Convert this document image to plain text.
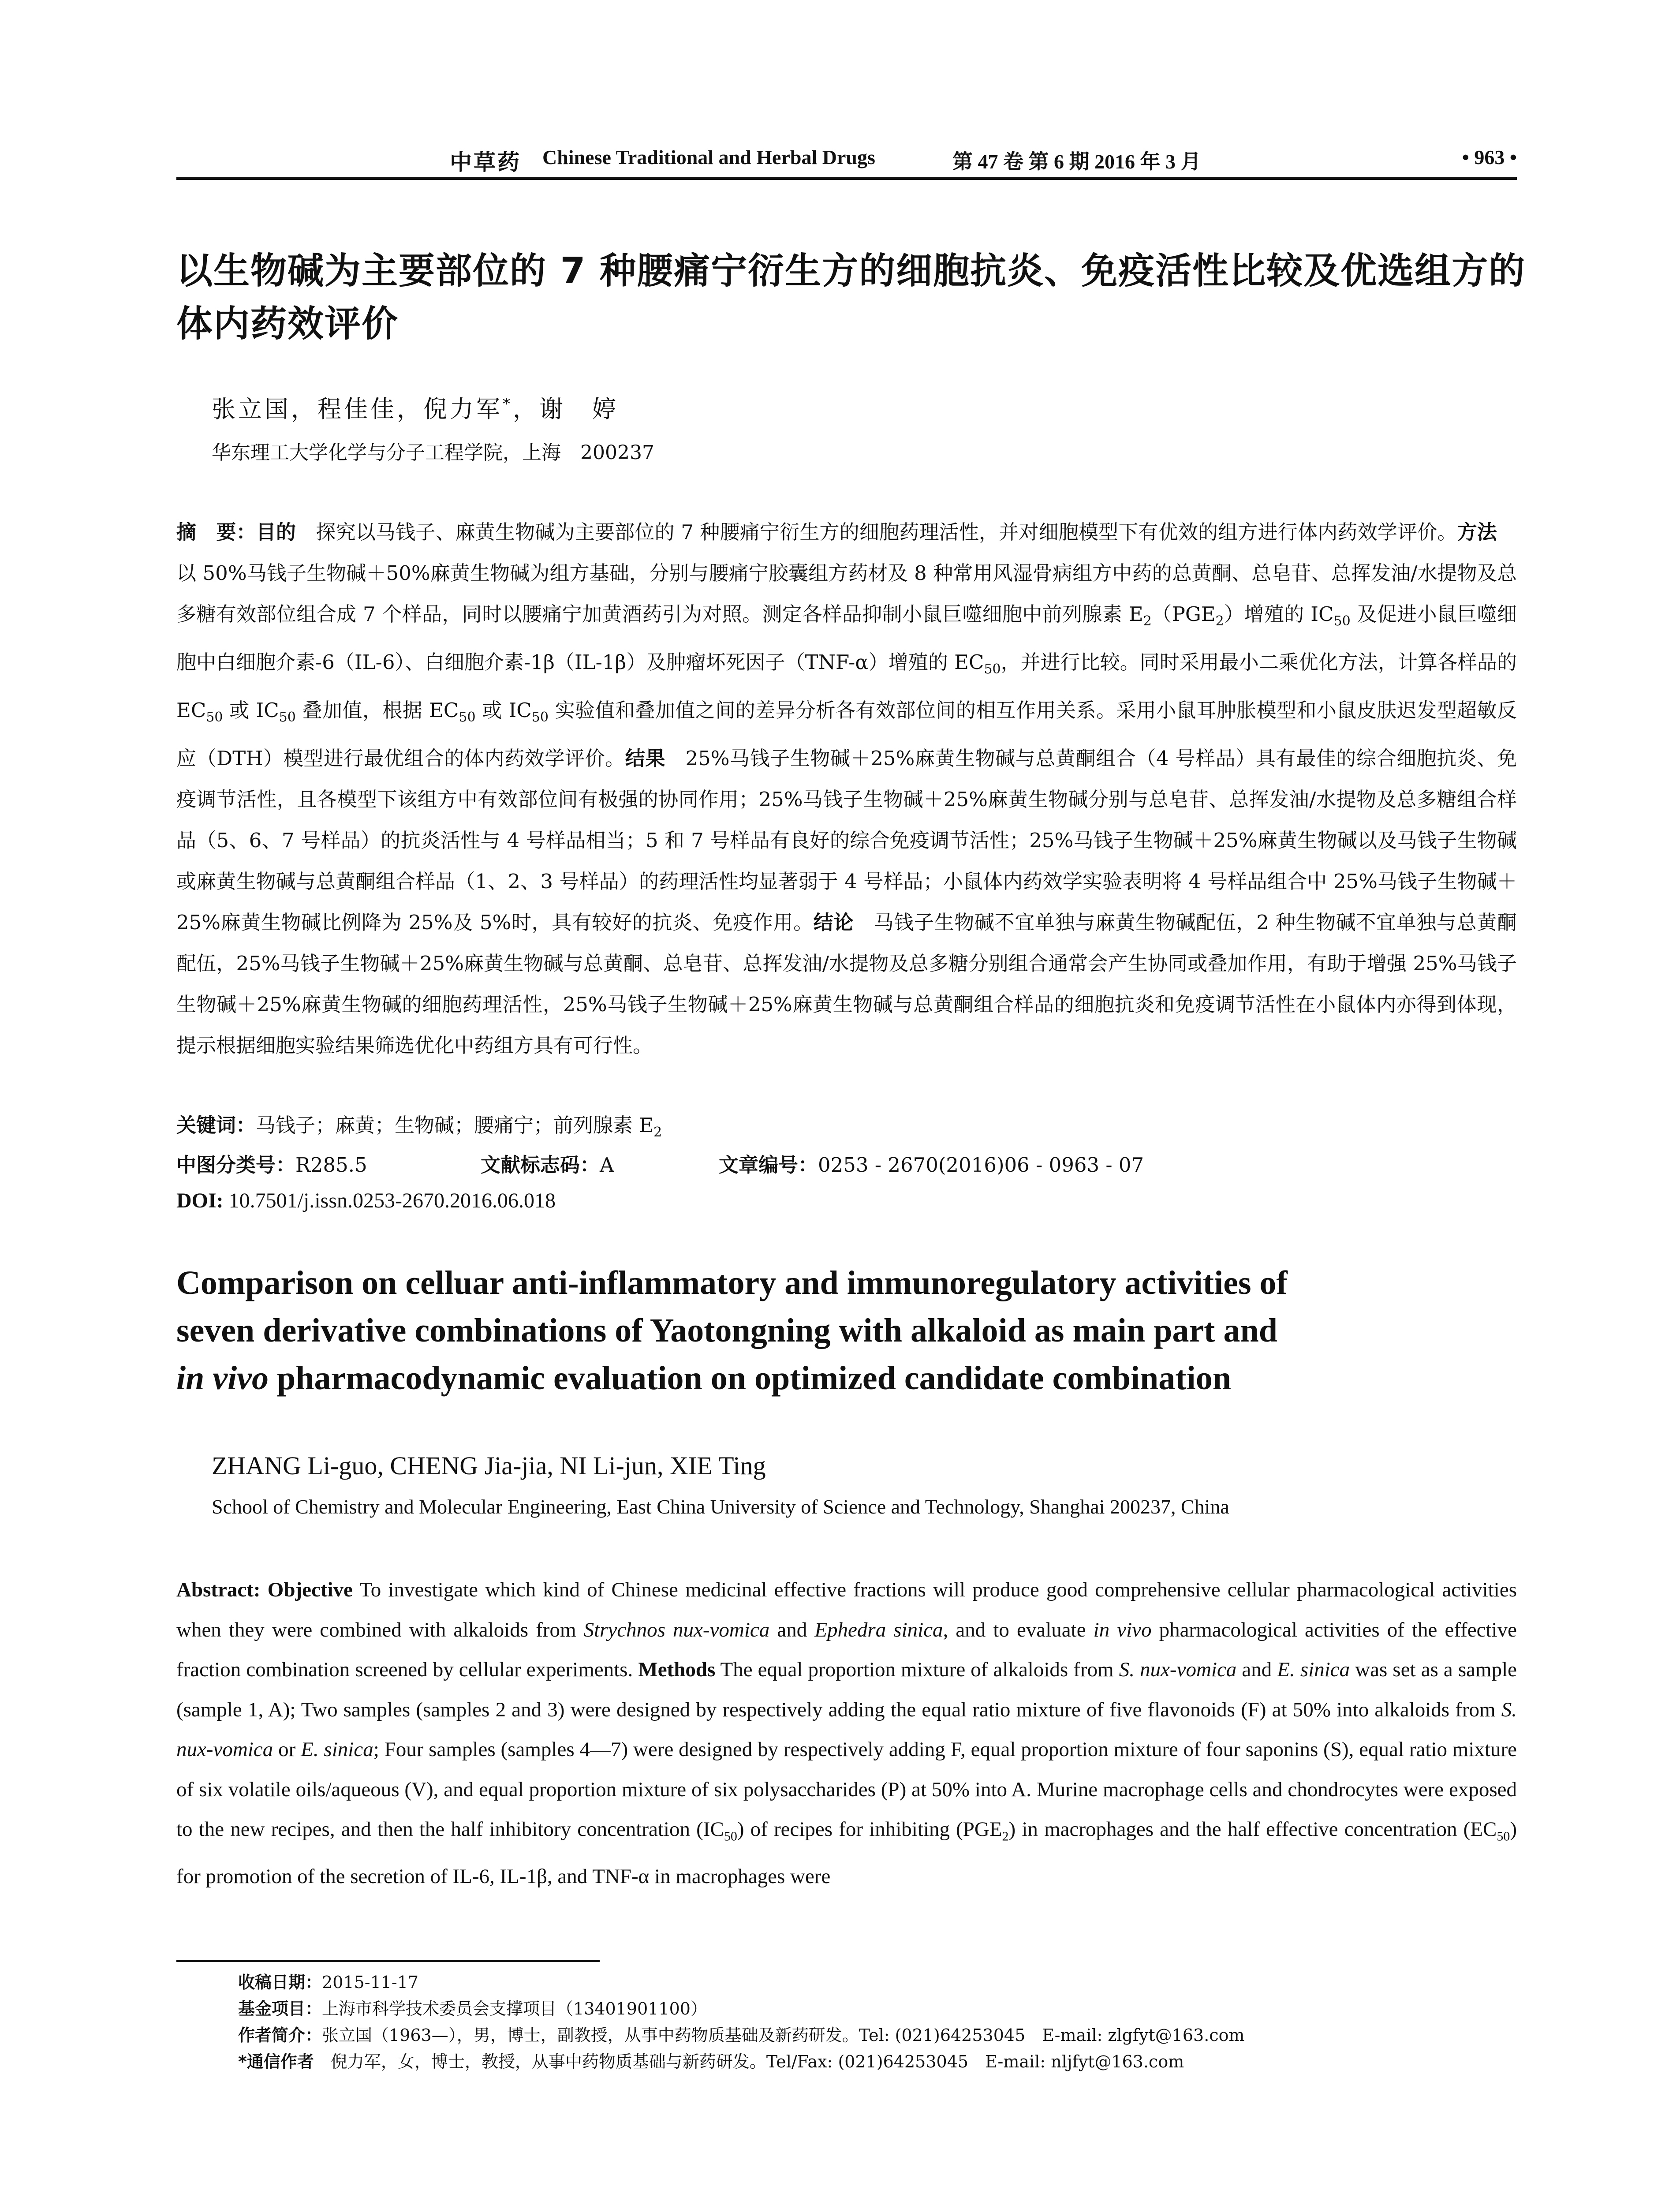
中草药 Chinese Traditional and Herbal Drugs	第 47 卷 第 6 期 2016 年 3 月	• 963 •
以生物碱为主要部位的 7 种腰痛宁衍生方的细胞抗炎、免疫活性比较及优选组方的体内药效评价
张立国，程佳佳，倪力军*，谢　婷
华东理工大学化学与分子工程学院，上海　200237
摘　要：目的　探究以马钱子、麻黄生物碱为主要部位的 7 种腰痛宁衍生方的细胞药理活性，并对细胞模型下有优效的组方进行体内药效学评价。方法　以 50%马钱子生物碱＋50%麻黄生物碱为组方基础，分别与腰痛宁胶囊组方药材及 8 种常用风湿骨病组方中药的总黄酮、总皂苷、总挥发油/水提物及总多糖有效部位组合成 7 个样品，同时以腰痛宁加黄酒药引为对照。测定各样品抑制小鼠巨噬细胞中前列腺素 $E_2(PGE_2)$增殖的 $IC_{50}$ 及促进小鼠巨噬细胞中白细胞介素-6（IL-6）、白细胞介素-1β（IL-1β）及肿瘤坏死因子（TNF-α）增殖的 $EC_{50}$，并进行比较。同时采用最小二乘优化方法，计算各样品的 $EC_{50}$ 或 $IC_{50}$ 叠加值，根据 $EC_{50}$ 或 $IC_{50}$ 实验值和叠加值之间的差异分析各有效部位间的相互作用关系。采用小鼠耳肿胀模型和小鼠皮肤迟发型超敏反应（DTH）模型进行最优组合的体内药效学评价。结果　25%马钱子生物碱＋25%麻黄生物碱与总黄酮组合（4 号样品）具有最佳的综合细胞抗炎、免疫调节活性，且各模型下该组方中有效部位间有极强的协同作用；25%马钱子生物碱＋25%麻黄生物碱分别与总皂苷、总挥发油/水提物及总多糖组合样品（5、6、7 号样品）的抗炎活性与 4 号样品相当；5 和 7 号样品有良好的综合免疫调节活性；25%马钱子生物碱＋25%麻黄生物碱以及马钱子生物碱或麻黄生物碱与总黄酮组合样品（1、2、3 号样品）的药理活性均显著弱于 4 号样品；小鼠体内药效学实验表明将 4 号样品组合中 25%马钱子生物碱＋25%麻黄生物碱比例降为 25%及 5%时，具有较好的抗炎、免疫作用。结论　马钱子生物碱不宜单独与麻黄生物碱配伍，2 种生物碱不宜单独与总黄酮配伍，25%马钱子生物碱＋25%麻黄生物碱与总黄酮、总皂苷、总挥发油/水提物及总多糖分别组合通常会产生协同或叠加作用，有助于增强 25%马钱子生物碱＋25%麻黄生物碱的细胞药理活性，25%马钱子生物碱＋25%麻黄生物碱与总黄酮组合样品的细胞抗炎和免疫调节活性在小鼠体内亦得到体现，提示根据细胞实验结果筛选优化中药组方具有可行性。
关键词：马钱子；麻黄；生物碱；腰痛宁；前列腺素 $E_2$
中图分类号：R285.5	文献标志码：A	文章编号：0253 - 2670(2016)06 - 0963 - 07
DOI: 10.7501/j.issn.0253-2670.2016.06.018
Comparison on celluar anti-inflammatory and immunoregulatory activities of
seven derivative combinations of Yaotongning with alkaloid as main part and
in vivo pharmacodynamic evaluation on optimized candidate combination
ZHANG Li-guo, CHENG Jia-jia, NI Li-jun, XIE Ting
School of Chemistry and Molecular Engineering, East China University of Science and Technology, Shanghai 200237, China
Abstract: Objective To investigate which kind of Chinese medicinal effective fractions will produce good comprehensive cellular pharmacological activities when they were combined with alkaloids from Strychnos nux-vomica and Ephedra sinica, and to evaluate in vivo pharmacological activities of the effective fraction combination screened by cellular experiments. Methods The equal proportion mixture of alkaloids from S. nux-vomica and E. sinica was set as a sample (sample 1, A); Two samples (samples 2 and 3) were designed by respectively adding the equal ratio mixture of five flavonoids (F) at 50% into alkaloids from S. nux-vomica or E. sinica; Four samples (samples 4—7) were designed by respectively adding F, equal proportion mixture of four saponins (S), equal ratio mixture of six volatile oils/aqueous (V), and equal proportion mixture of six polysaccharides (P) at 50% into A. Murine macrophage cells and chondrocytes were exposed to the new recipes, and then the half inhibitory concentration $(IC_{50})$ of recipes for inhibiting $(PGE_2)$ in macrophages and the half effective concentration $(EC_{50})$ for promotion of the secretion of IL-6, IL-1β, and TNF-α in macrophages were
收稿日期：2015-11-17
基金项目：上海市科学技术委员会支撑项目（13401901100）
作者简介：张立国（1963—），男，博士，副教授，从事中药物质基础及新药研发。Tel: (021)64253045　E-mail: zlgfyt@163.com
*通信作者　倪力军，女，博士，教授，从事中药物质基础与新药研发。Tel/Fax: (021)64253045　E-mail: nljfyt@163.com
